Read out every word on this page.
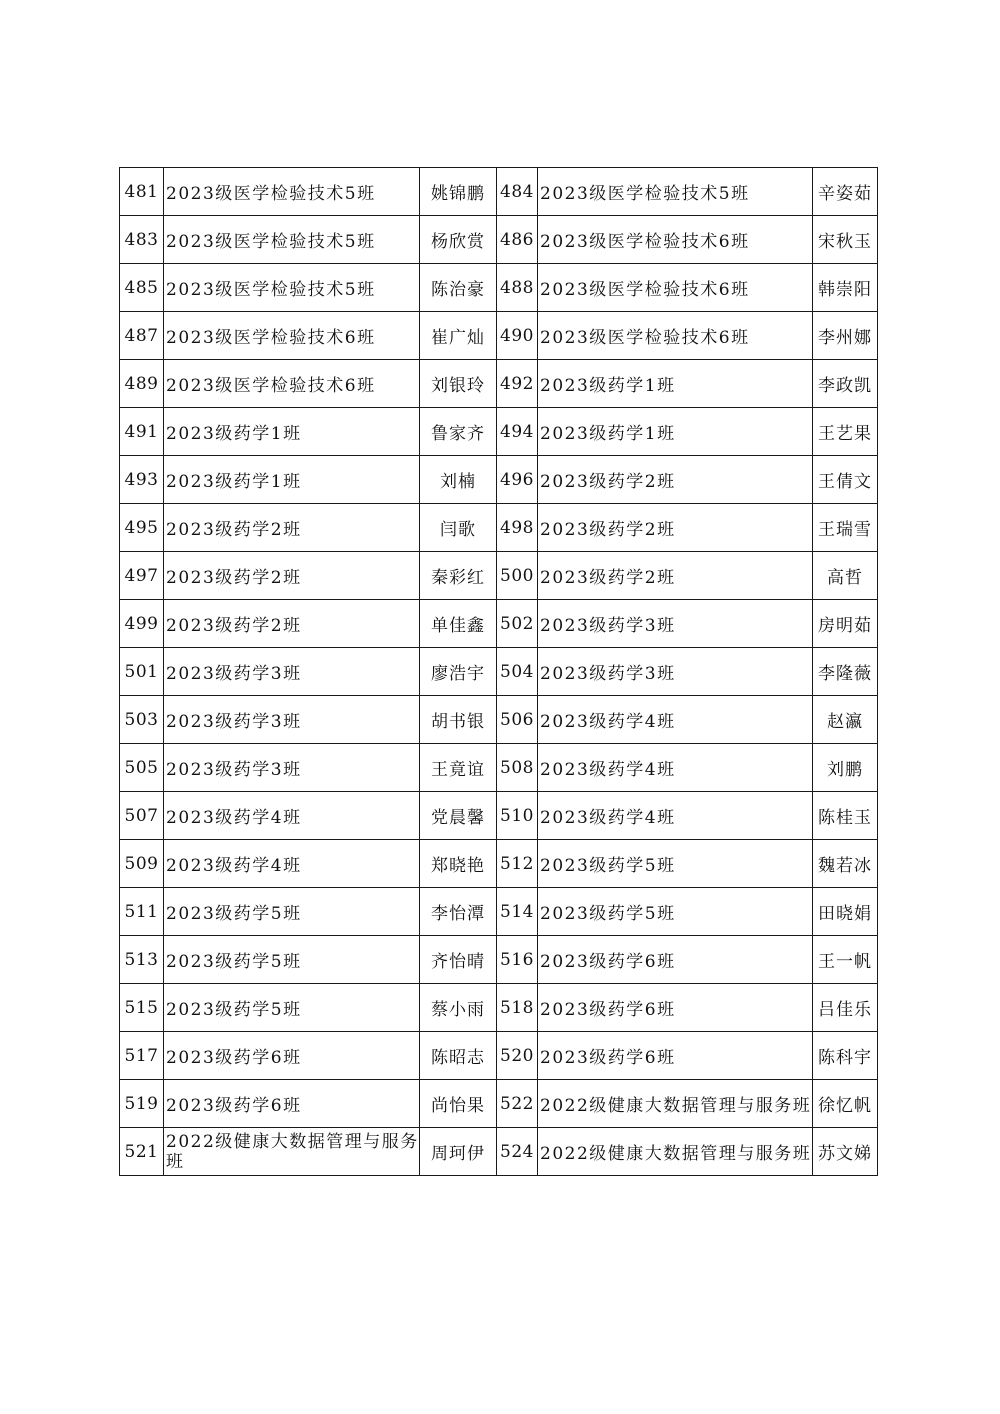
481	2023级医学检验技术5班	姚锦鹏	484	2023级医学检验技术5班	辛姿茹
483	2023级医学检验技术5班	杨欣赏	486	2023级医学检验技术6班	宋秋玉
485	2023级医学检验技术5班	陈治豪	488	2023级医学检验技术6班	韩崇阳
487	2023级医学检验技术6班	崔广灿	490	2023级医学检验技术6班	李州娜
489	2023级医学检验技术6班	刘银玲	492	2023级药学1班	李政凯
491	2023级药学1班	鲁家齐	494	2023级药学1班	王艺果
493	2023级药学1班	刘楠	496	2023级药学2班	王倩文
495	2023级药学2班	闫歌	498	2023级药学2班	王瑞雪
497	2023级药学2班	秦彩红	500	2023级药学2班	高哲
499	2023级药学2班	单佳鑫	502	2023级药学3班	房明茹
501	2023级药学3班	廖浩宇	504	2023级药学3班	李隆薇
503	2023级药学3班	胡书银	506	2023级药学4班	赵瀛
505	2023级药学3班	王竟谊	508	2023级药学4班	刘鹏
507	2023级药学4班	党晨馨	510	2023级药学4班	陈桂玉
509	2023级药学4班	郑晓艳	512	2023级药学5班	魏若冰
511	2023级药学5班	李怡潭	514	2023级药学5班	田晓娟
513	2023级药学5班	齐怡晴	516	2023级药学6班	王一帆
515	2023级药学5班	蔡小雨	518	2023级药学6班	吕佳乐
517	2023级药学6班	陈昭志	520	2023级药学6班	陈科宇
519	2023级药学6班	尚怡果	522	2022级健康大数据管理与服务班	徐忆帆
521	2022级健康大数据管理与服务班	周珂伊	524	2022级健康大数据管理与服务班	苏文娣
